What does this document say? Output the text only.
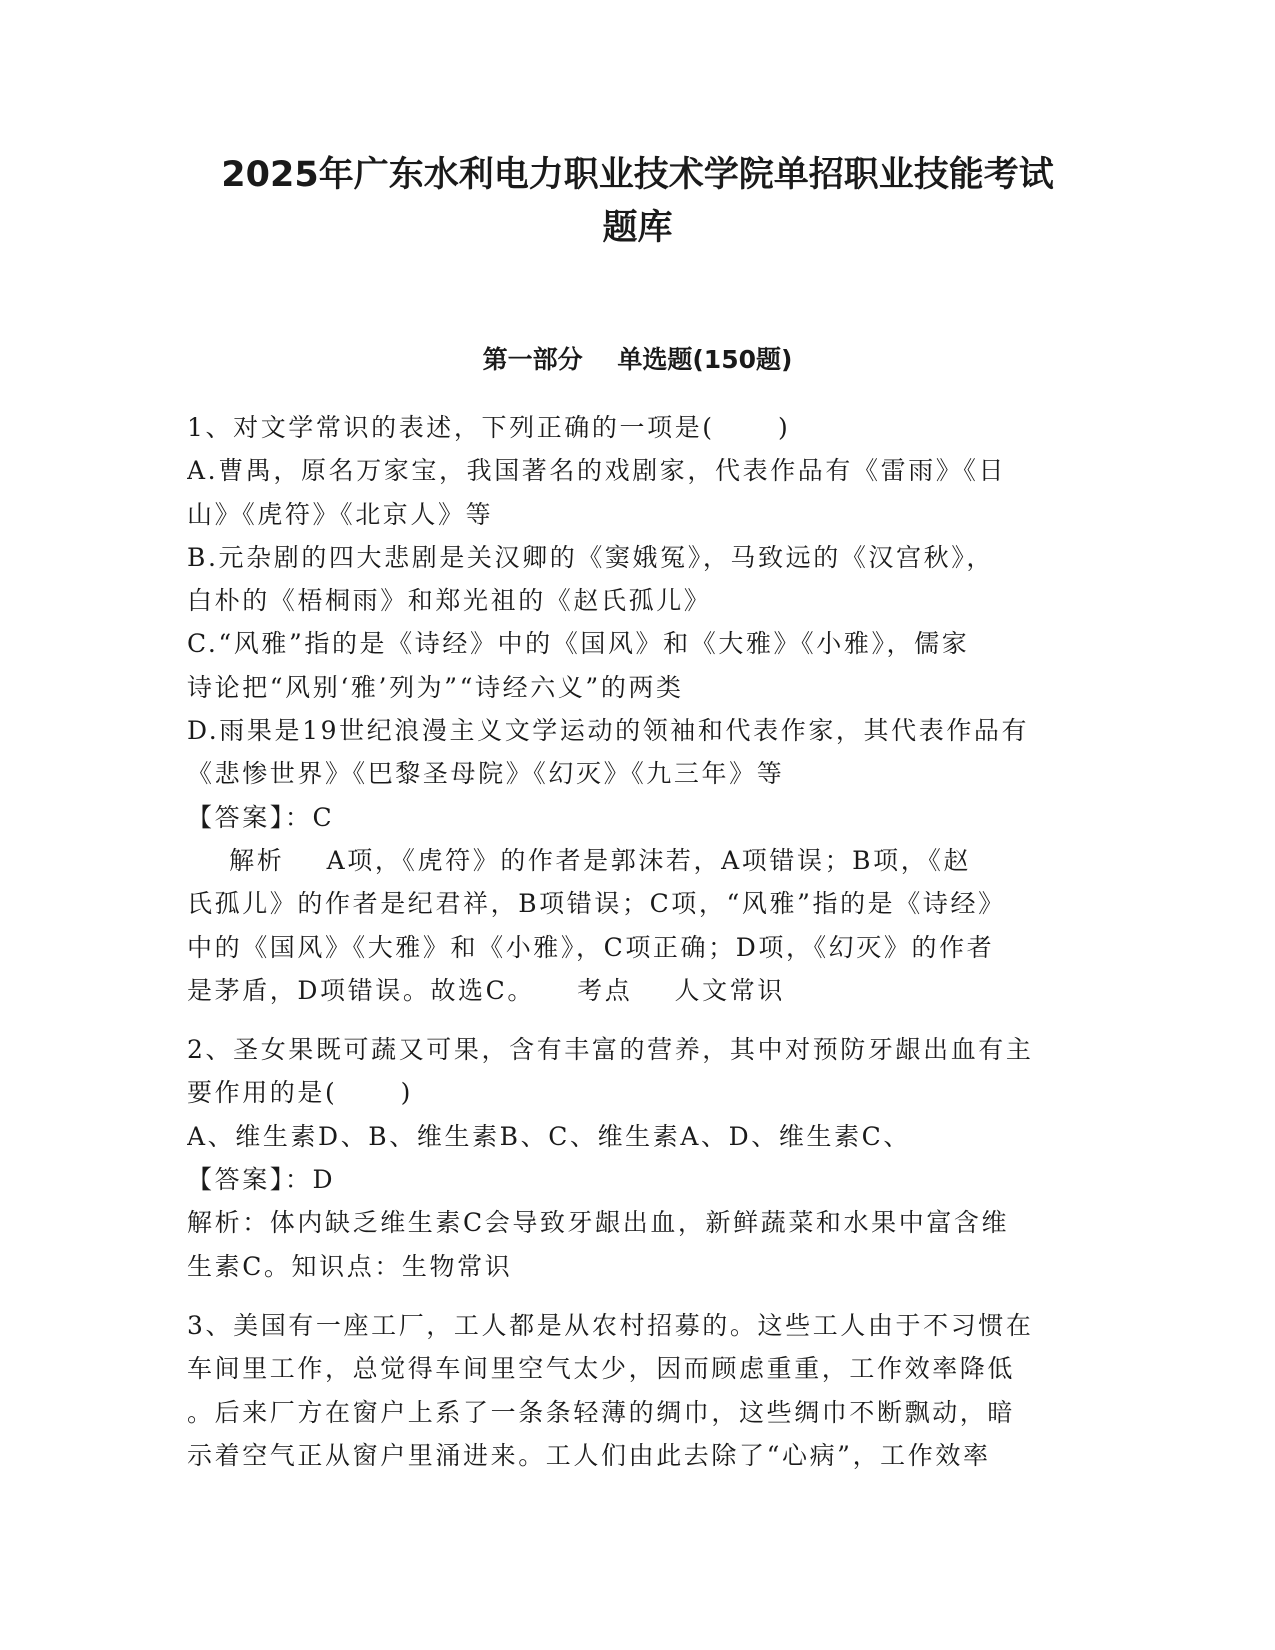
2025年广东水利电力职业技术学院单招职业技能考试
题库
第一部分    单选题(150题)
1、对文学常识的表述，下列正确的一项是(      )
A.曹禺，原名万家宝，我国著名的戏剧家，代表作品有《雷雨》《日
山》《虎符》《北京人》等
B.元杂剧的四大悲剧是关汉卿的《窦娥冤》，马致远的《汉宫秋》，
白朴的《梧桐雨》和郑光祖的《赵氏孤儿》
C.“风雅”指的是《诗经》中的《国风》和《大雅》《小雅》，儒家
诗论把“风别‘雅’列为”“诗经六义”的两类
D.雨果是19世纪浪漫主义文学运动的领袖和代表作家，其代表作品有
《悲惨世界》《巴黎圣母院》《幻灭》《九三年》等
【答案】：C
解析    A项，《虎符》的作者是郭沫若，A项错误；B项，《赵
氏孤儿》的作者是纪君祥，B项错误；C项，“风雅”指的是《诗经》
中的《国风》《大雅》和《小雅》，C项正确；D项，《幻灭》的作者
是茅盾，D项错误。故选C。    考点    人文常识
2、圣女果既可蔬又可果，含有丰富的营养，其中对预防牙龈出血有主
要作用的是(      )
A、维生素D、B、维生素B、C、维生素A、D、维生素C、
【答案】：D
解析：体内缺乏维生素C会导致牙龈出血，新鲜蔬菜和水果中富含维
生素C。知识点：生物常识
3、美国有一座工厂，工人都是从农村招募的。这些工人由于不习惯在
车间里工作，总觉得车间里空气太少，因而顾虑重重，工作效率降低
。后来厂方在窗户上系了一条条轻薄的绸巾，这些绸巾不断飘动，暗
示着空气正从窗户里涌进来。工人们由此去除了“心病”，工作效率
